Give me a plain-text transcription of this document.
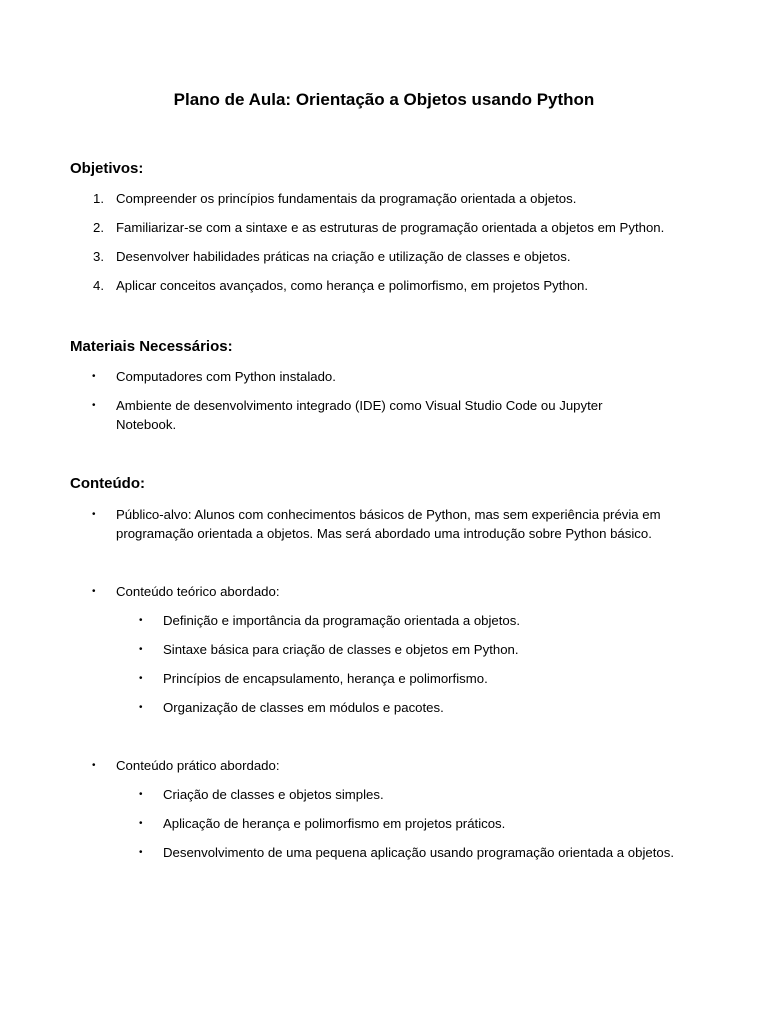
Plano de Aula: Orientação a Objetos usando Python
Objetivos:
1. Compreender os princípios fundamentais da programação orientada a objetos.
2. Familiarizar-se com a sintaxe e as estruturas de programação orientada a objetos em Python.
3. Desenvolver habilidades práticas na criação e utilização de classes e objetos.
4. Aplicar conceitos avançados, como herança e polimorfismo, em projetos Python.
Materiais Necessários:
• Computadores com Python instalado.
• Ambiente de desenvolvimento integrado (IDE) como Visual Studio Code ou Jupyter Notebook.
Conteúdo:
• Público-alvo: Alunos com conhecimentos básicos de Python, mas sem experiência prévia em programação orientada a objetos. Mas será abordado uma introdução sobre Python básico.
• Conteúdo teórico abordado:
• Conteúdo prático abordado:
• Definição e importância da programação orientada a objetos.
• Sintaxe básica para criação de classes e objetos em Python.
• Princípios de encapsulamento, herança e polimorfismo.
• Organização de classes em módulos e pacotes.
• Criação de classes e objetos simples.
• Aplicação de herança e polimorfismo em projetos práticos.
• Desenvolvimento de uma pequena aplicação usando programação orientada a objetos.
